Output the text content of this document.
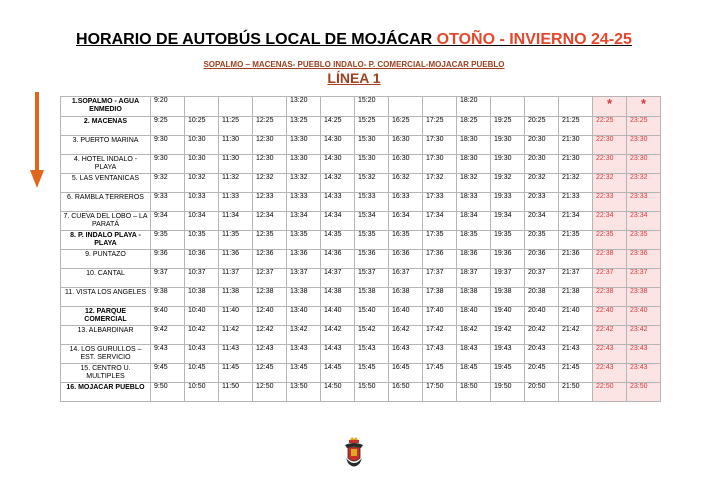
HORARIO DE AUTOBÚS LOCAL DE MOJÁCAR OTOÑO - INVIERNO 24-25
SOPALMO – MACENAS- PUEBLO INDALO- P. COMERCIAL-MOJACAR PUEBLO
LÍNEA 1
1.SOPALMO - AGUA ENMEDIO	9:20				13:20		15:20			18:20				*	*
2. MACENAS	9:25	10:25	11:25	12:25	13:25	14:25	15:25	16:25	17:25	18:25	19:25	20:25	21:25	22:25	23:25
3. PUERTO MARINA	9:30	10:30	11:30	12:30	13:30	14:30	15:30	16:30	17:30	18:30	19:30	20:30	21:30	22:30	23:30
4. HOTEL INDALO - PLAYA	9:30	10:30	11:30	12:30	13:30	14:30	15:30	16:30	17:30	18:30	19:30	20:30	21:30	22:30	23:30
5. LAS VENTANICAS	9:32	10:32	11:32	12:32	13:32	14:32	15:32	16:32	17:32	18:32	19:32	20:32	21:32	22:32	23:32
6. RAMBLA TERREROS	9:33	10:33	11:33	12:33	13:33	14:33	15:33	16:33	17:33	18:33	19:33	20:33	21:33	22:33	23:33
7. CUEVA DEL LOBO – LA PARATÁ	9:34	10:34	11:34	12:34	13:34	14:34	15:34	16:34	17:34	18:34	19:34	20:34	21:34	22:34	23:34
8. P. INDALO PLAYA - PLAYA	9:35	10:35	11:35	12:35	13:35	14:35	15:35	16:35	17:35	18:35	19:35	20:35	21:35	22:35	23:35
9. PUNTAZO	9:36	10:36	11:36	12:36	13:36	14:36	15:36	16:36	17:36	18:36	19:36	20:36	21:36	22:38	23:36
10. CANTAL	9:37	10:37	11:37	12:37	13:37	14:37	15:37	16:37	17:37	18:37	19:37	20:37	21:37	22:37	23:37
11. VISTA LOS ANGELES	9:38	10:38	11:38	12:38	13:38	14:38	15:38	16:38	17:38	18:38	19:38	20:38	21:38	22:38	23:38
12. PARQUE COMERCIAL	9:40	10:40	11:40	12:40	13:40	14:40	15:40	16:40	17:40	18:40	19:40	20:40	21:40	22:40	23:40
13. ALBARDINAR	9:42	10:42	11:42	12:42	13:42	14:42	15:42	16:42	17:42	18:42	19:42	20:42	21:42	22:42	23:42
14. LOS GURULLOS – EST. SERVICIO	9:43	10:43	11:43	12:43	13:43	14:43	15:43	16:43	17:43	18:43	19:43	20:43	21:43	22:43	23:43
15. CENTRO U. MULTIPLES	9:45	10:45	11:45	12:45	13:45	14:45	15:45	16:45	17:45	18:45	19:45	20:45	21:45	22:43	23:43
16. MOJACAR PUEBLO	9:50	10:50	11:50	12:50	13:50	14:50	15:50	16:50	17:50	18:50	19:50	20:50	21:50	22:50	23:50
